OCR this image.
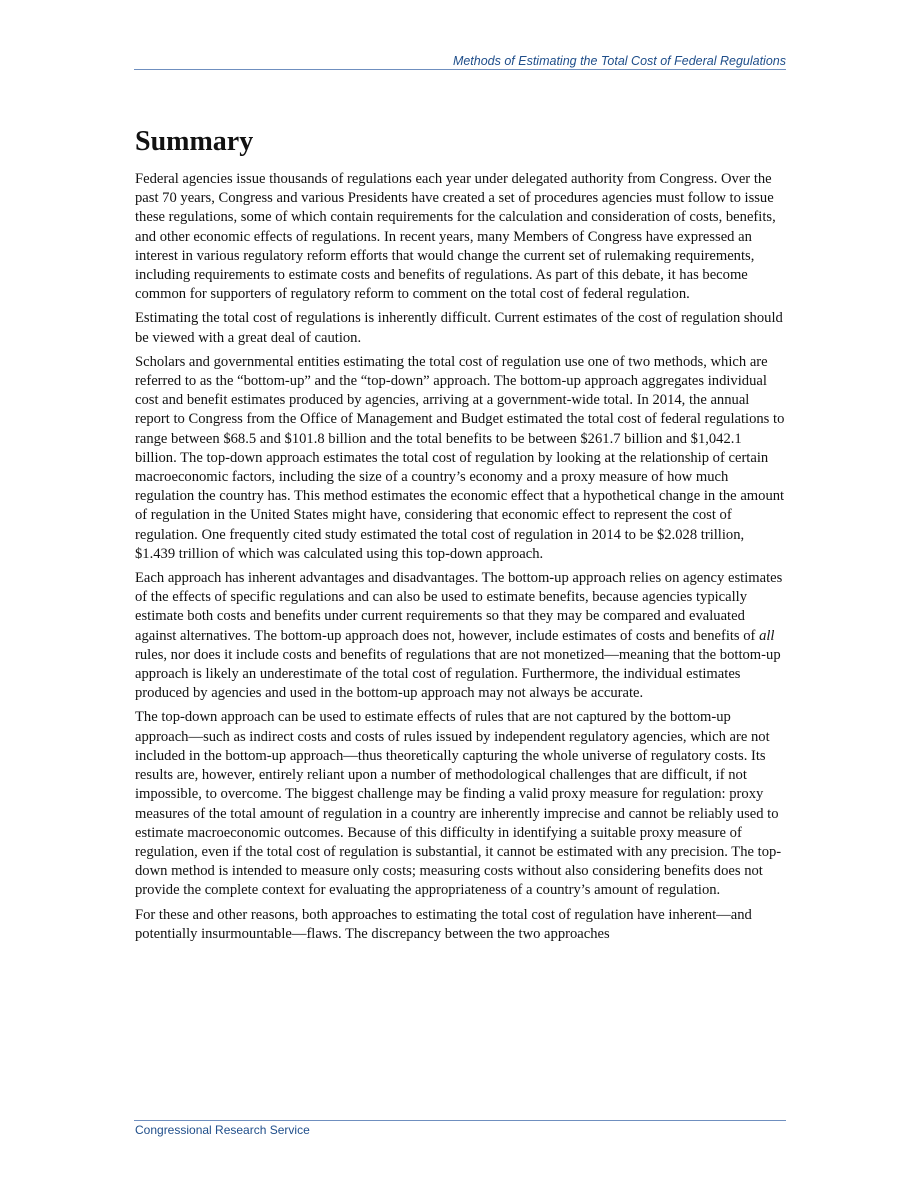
Methods of Estimating the Total Cost of Federal Regulations
Summary

Federal agencies issue thousands of regulations each year under delegated authority from Congress. Over the past 70 years, Congress and various Presidents have created a set of procedures agencies must follow to issue these regulations, some of which contain requirements for the calculation and consideration of costs, benefits, and other economic effects of regulations. In recent years, many Members of Congress have expressed an interest in various regulatory reform efforts that would change the current set of rulemaking requirements, including requirements to estimate costs and benefits of regulations. As part of this debate, it has become common for supporters of regulatory reform to comment on the total cost of federal regulation.

Estimating the total cost of regulations is inherently difficult. Current estimates of the cost of regulation should be viewed with a great deal of caution.

Scholars and governmental entities estimating the total cost of regulation use one of two methods, which are referred to as the “bottom-up” and the “top-down” approach. The bottom-up approach aggregates individual cost and benefit estimates produced by agencies, arriving at a government-wide total. In 2014, the annual report to Congress from the Office of Management and Budget estimated the total cost of federal regulations to range between $68.5 and $101.8 billion and the total benefits to be between $261.7 billion and $1,042.1 billion. The top-down approach estimates the total cost of regulation by looking at the relationship of certain macroeconomic factors, including the size of a country’s economy and a proxy measure of how much regulation the country has. This method estimates the economic effect that a hypothetical change in the amount of regulation in the United States might have, considering that economic effect to represent the cost of regulation. One frequently cited study estimated the total cost of regulation in 2014 to be $2.028 trillion, $1.439 trillion of which was calculated using this top-down approach.

Each approach has inherent advantages and disadvantages. The bottom-up approach relies on agency estimates of the effects of specific regulations and can also be used to estimate benefits, because agencies typically estimate both costs and benefits under current requirements so that they may be compared and evaluated against alternatives. The bottom-up approach does not, however, include estimates of costs and benefits of all rules, nor does it include costs and benefits of regulations that are not monetized—meaning that the bottom-up approach is likely an underestimate of the total cost of regulation. Furthermore, the individual estimates produced by agencies and used in the bottom-up approach may not always be accurate.

The top-down approach can be used to estimate effects of rules that are not captured by the bottom-up approach—such as indirect costs and costs of rules issued by independent regulatory agencies, which are not included in the bottom-up approach—thus theoretically capturing the whole universe of regulatory costs. Its results are, however, entirely reliant upon a number of methodological challenges that are difficult, if not impossible, to overcome. The biggest challenge may be finding a valid proxy measure for regulation: proxy measures of the total amount of regulation in a country are inherently imprecise and cannot be reliably used to estimate macroeconomic outcomes. Because of this difficulty in identifying a suitable proxy measure of regulation, even if the total cost of regulation is substantial, it cannot be estimated with any precision. The top-down method is intended to measure only costs; measuring costs without also considering benefits does not provide the complete context for evaluating the appropriateness of a country’s amount of regulation.

For these and other reasons, both approaches to estimating the total cost of regulation have inherent—and potentially insurmountable—flaws. The discrepancy between the two approaches

Congressional Research Service
